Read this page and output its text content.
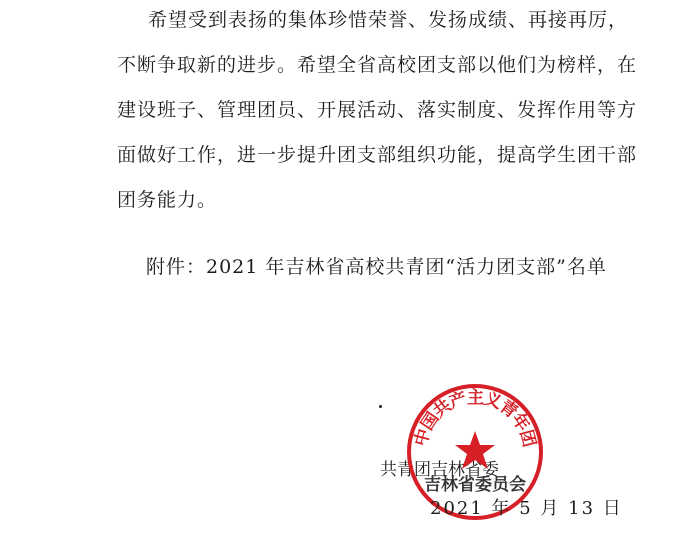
希望受到表扬的集体珍惜荣誉、发扬成绩、再接再厉，
不断争取新的进步。希望全省高校团支部以他们为榜样，在
建设班子、管理团员、开展活动、落实制度、发挥作用等方
面做好工作，进一步提升团支部组织功能，提高学生团干部
团务能力。
附件：2021 年吉林省高校共青团“活力团支部”名单
共青团吉林省委
中国共产主义青年团
吉林省委员会
2021 年 5 月 13 日
